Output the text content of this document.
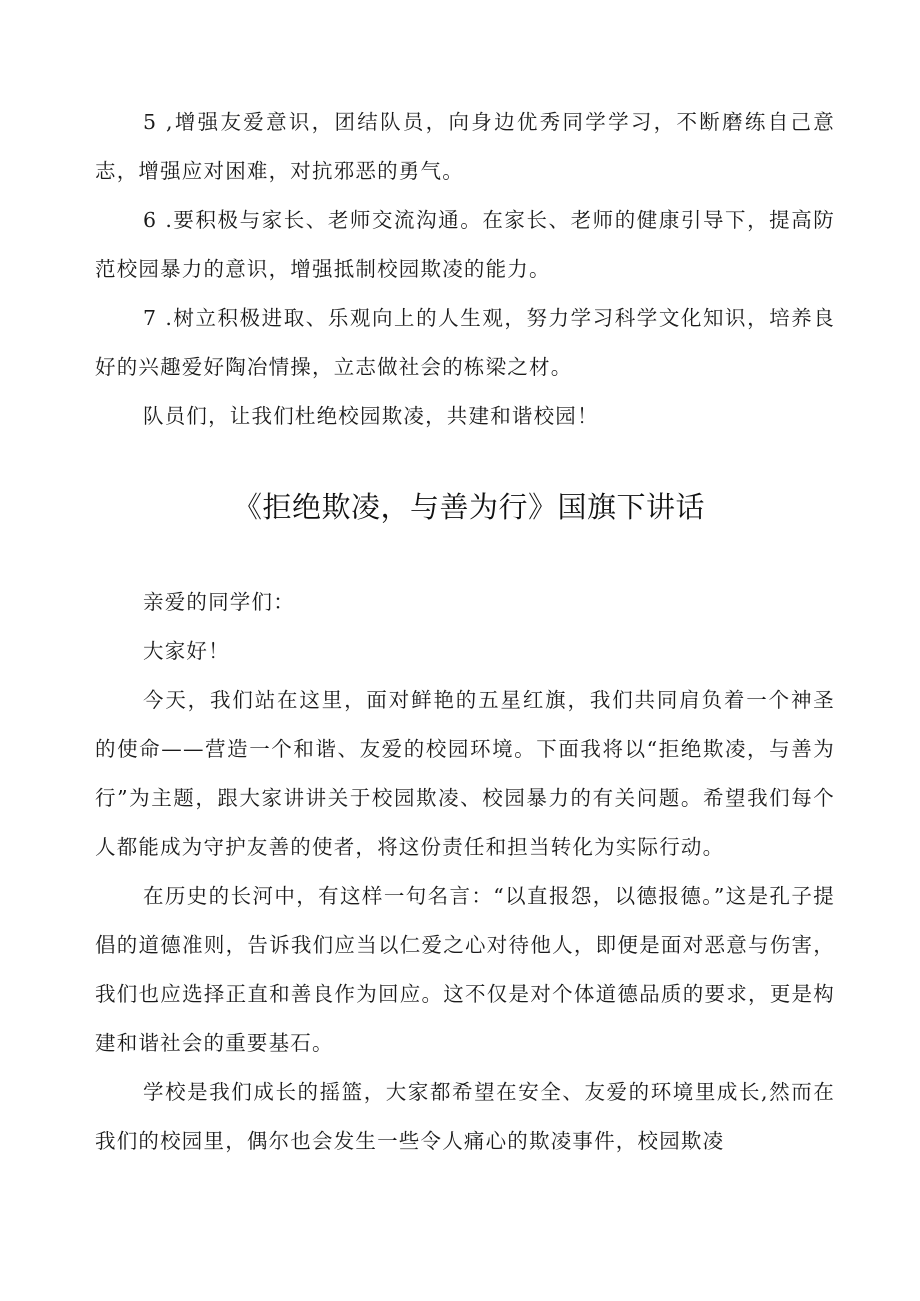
5 ,增强友爱意识，团结队员，向身边优秀同学学习，不断磨练自己意志，增强应对困难，对抗邪恶的勇气。

6 .要积极与家长、老师交流沟通。在家长、老师的健康引导下，提高防范校园暴力的意识，增强抵制校园欺凌的能力。

7 .树立积极进取、乐观向上的人生观，努力学习科学文化知识，培养良好的兴趣爱好陶冶情操，立志做社会的栋梁之材。

队员们，让我们杜绝校园欺凌，共建和谐校园！

《拒绝欺凌，与善为行》国旗下讲话

亲爱的同学们：

大家好！

今天，我们站在这里，面对鲜艳的五星红旗，我们共同肩负着一个神圣的使命——营造一个和谐、友爱的校园环境。下面我将以“拒绝欺凌，与善为行”为主题，跟大家讲讲关于校园欺凌、校园暴力的有关问题。希望我们每个人都能成为守护友善的使者，将这份责任和担当转化为实际行动。

在历史的长河中，有这样一句名言：“以直报怨，以德报德。”这是孔子提倡的道德准则，告诉我们应当以仁爱之心对待他人，即便是面对恶意与伤害，我们也应选择正直和善良作为回应。这不仅是对个体道德品质的要求，更是构建和谐社会的重要基石。

学校是我们成长的摇篮，大家都希望在安全、友爱的环境里成长,然而在我们的校园里，偶尔也会发生一些令人痛心的欺凌事件，校园欺凌
